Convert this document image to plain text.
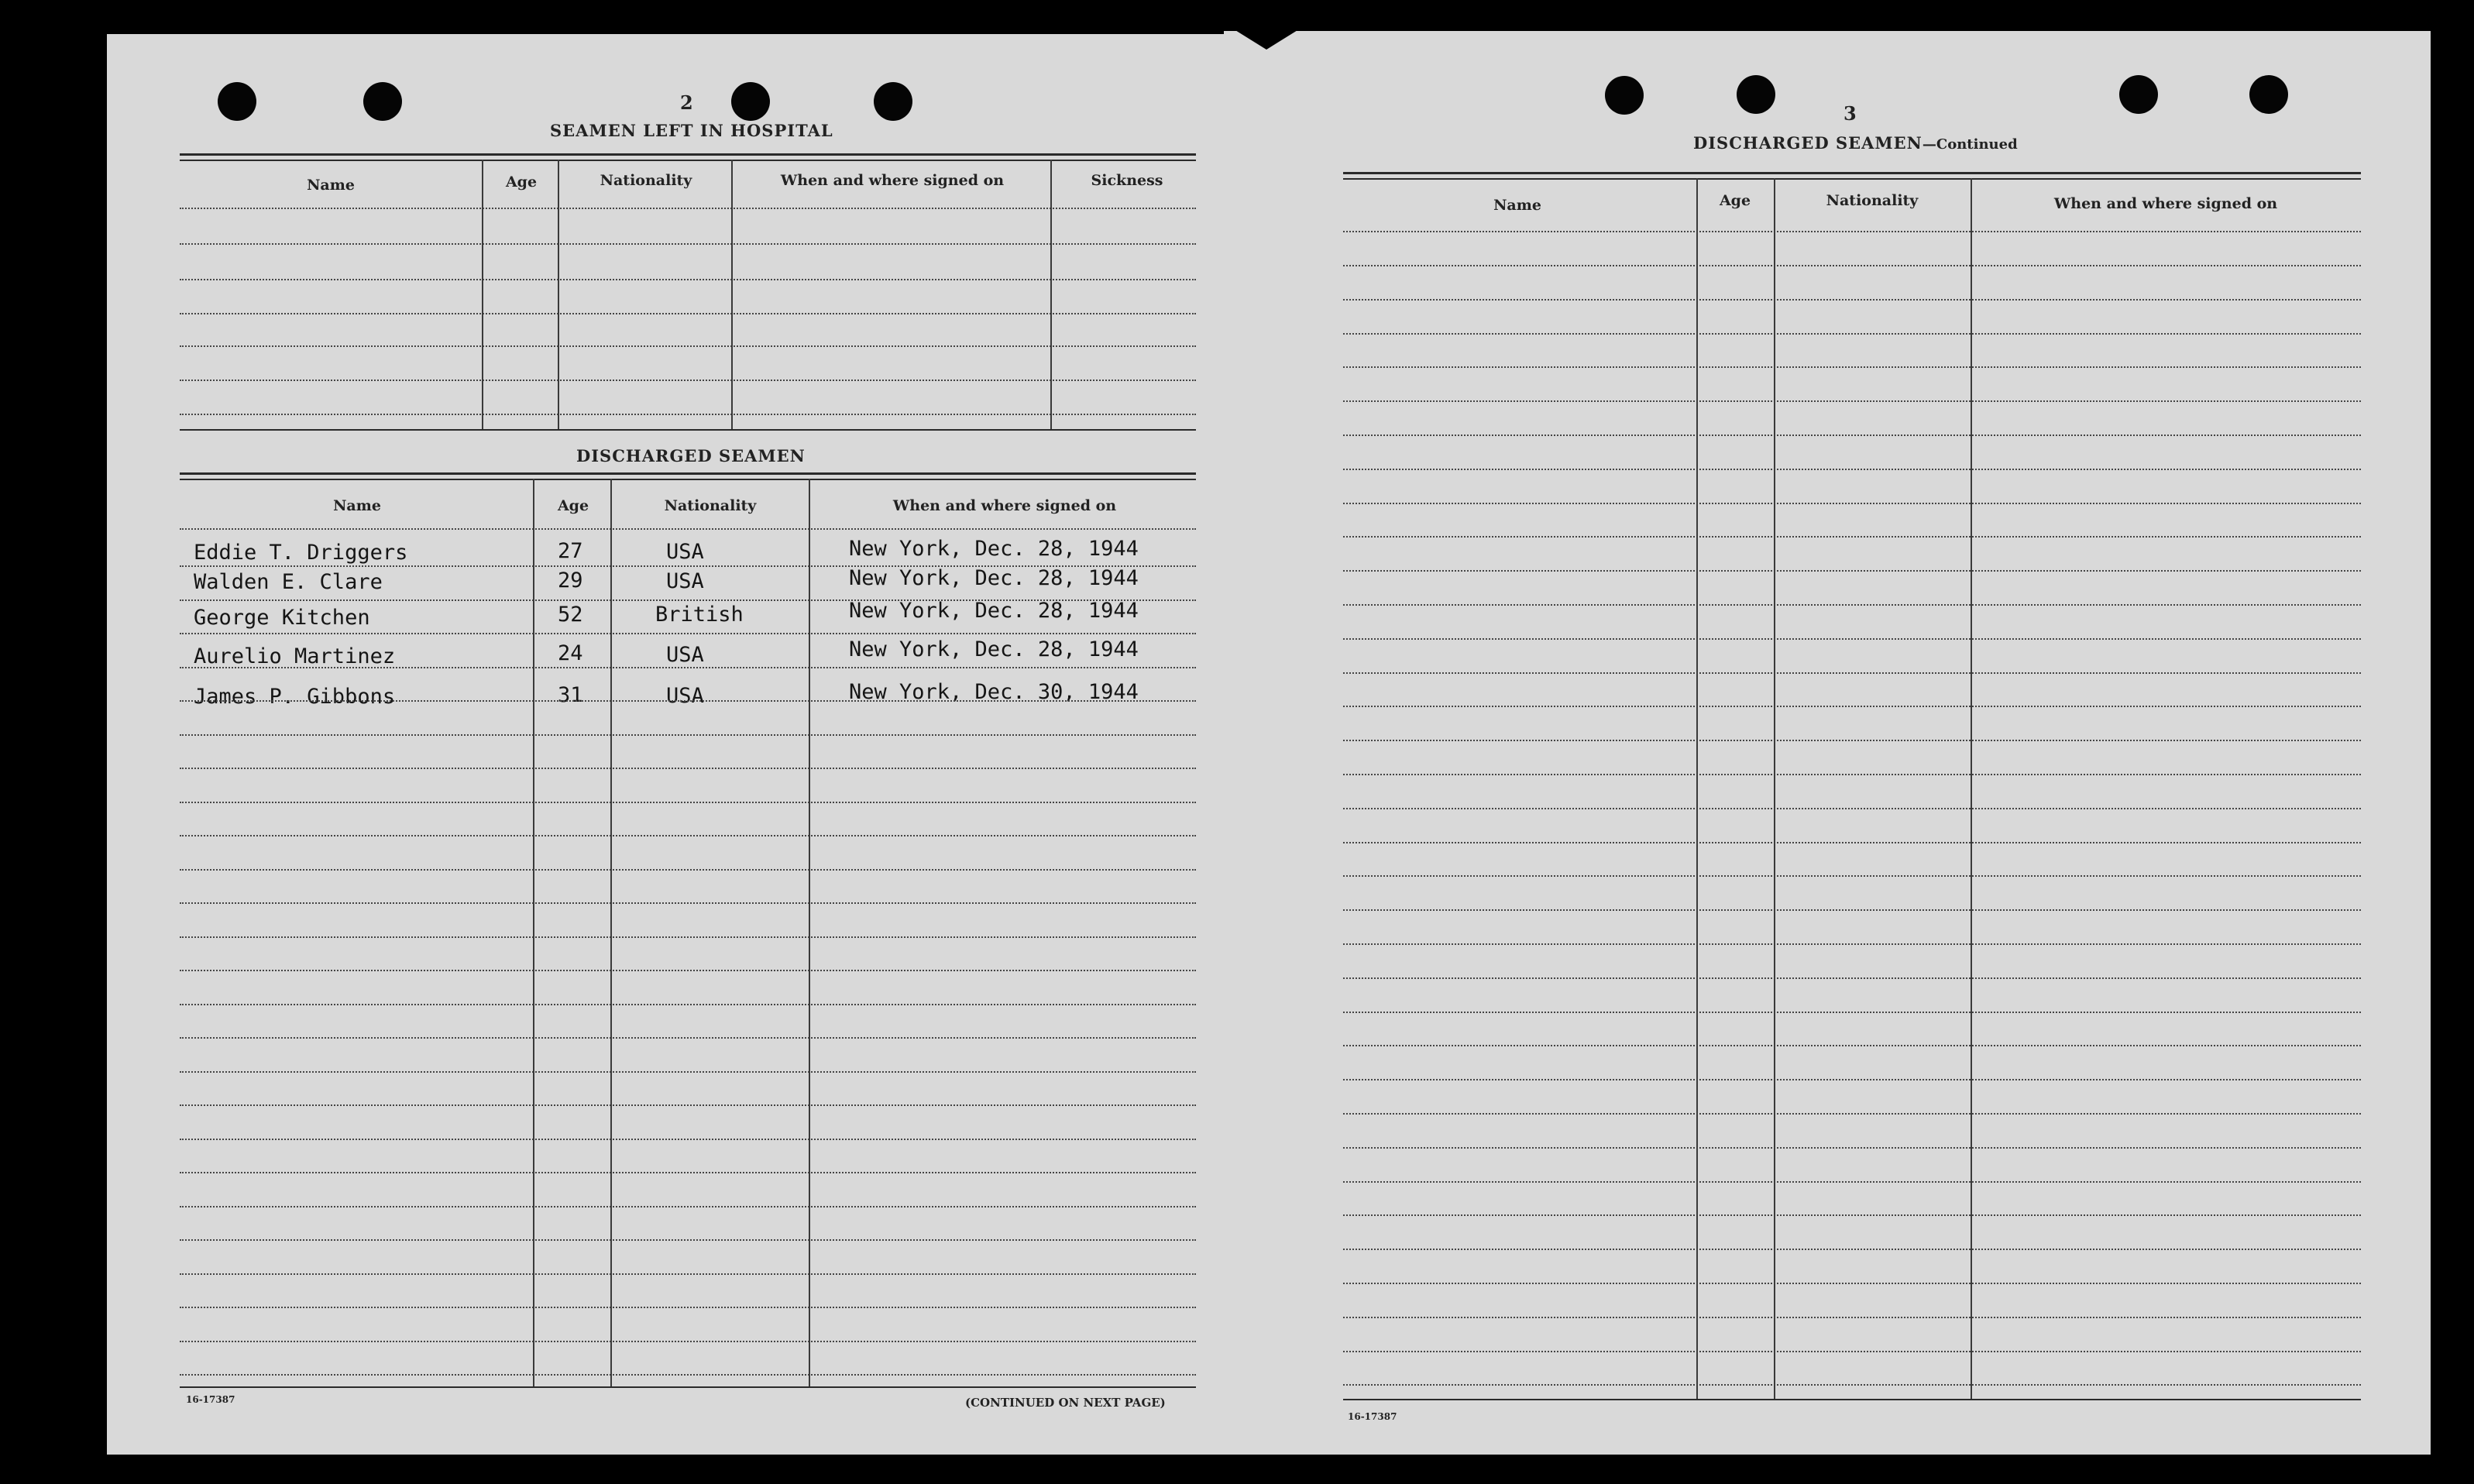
2
SEAMEN LEFT IN HOSPITAL
DISCHARGED SEAMEN
Name	Age	Nationality	When and where signed on	Sickness
Name	Age	Nationality	When and where signed on
Eddie T. Driggers	27	USA	New York, Dec. 28, 1944
Walden E. Clare	29	USA	New York, Dec. 28, 1944
George Kitchen	52	British	New York, Dec. 28, 1944
Aurelio Martinez	24	USA	New York, Dec. 28, 1944
James P. Gibbons	31	USA	New York, Dec. 30, 1944
16-17387	(CONTINUED ON NEXT PAGE)
3
DISCHARGED SEAMEN—Continued
Name	Age	Nationality	When and where signed on
16-17387
